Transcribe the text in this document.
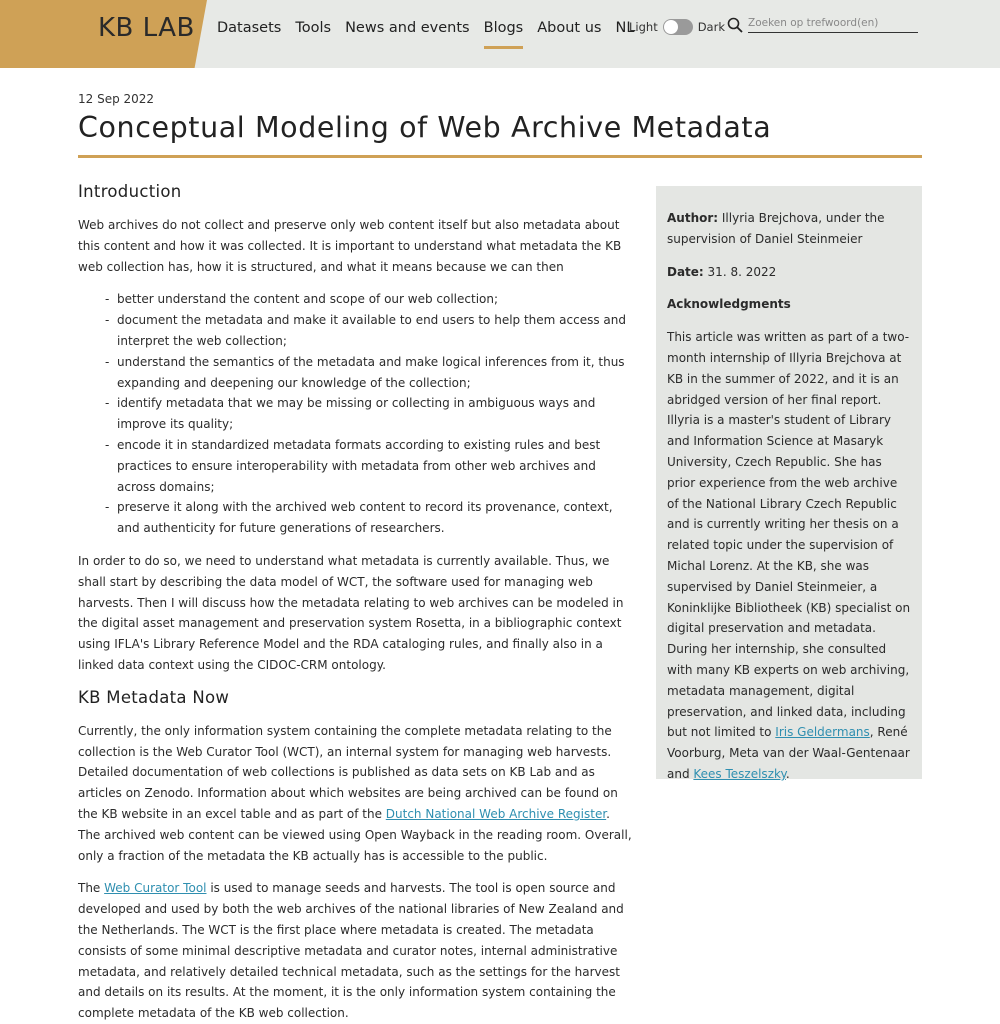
KB LAB Datasets Tools News and events Blogs About us NL
Light	Dark
Zoeken op trefwoord(en)
12 Sep 2022
Conceptual Modeling of Web Archive Metadata
Introduction

Web archives do not collect and preserve only web content itself but also metadata about this content and how it was collected. It is important to understand what metadata the KB web collection has, how it is structured, and what it means because we can then

- better understand the content and scope of our web collection;
- document the metadata and make it available to end users to help them access and interpret the web collection;
- understand the semantics of the metadata and make logical inferences from it, thus expanding and deepening our knowledge of the collection;
- identify metadata that we may be missing or collecting in ambiguous ways and improve its quality;
- encode it in standardized metadata formats according to existing rules and best practices to ensure interoperability with metadata from other web archives and across domains;
- preserve it along with the archived web content to record its provenance, context, and authenticity for future generations of researchers.

In order to do so, we need to understand what metadata is currently available. Thus, we shall start by describing the data model of WCT, the software used for managing web harvests. Then I will discuss how the metadata relating to web archives can be modeled in the digital asset management and preservation system Rosetta, in a bibliographic context using IFLA's Library Reference Model and the RDA cataloging rules, and finally also in a linked data context using the CIDOC-CRM ontology.

KB Metadata Now

Currently, the only information system containing the complete metadata relating to the collection is the Web Curator Tool (WCT), an internal system for managing web harvests. Detailed documentation of web collections is published as data sets on KB Lab and as articles on Zenodo. Information about which websites are being archived can be found on the KB website in an excel table and as part of the Dutch National Web Archive Register. The archived web content can be viewed using Open Wayback in the reading room. Overall, only a fraction of the metadata the KB actually has is accessible to the public.

The Web Curator Tool is used to manage seeds and harvests. The tool is open source and developed and used by both the web archives of the national libraries of New Zealand and the Netherlands. The WCT is the first place where metadata is created. The metadata consists of some minimal descriptive metadata and curator notes, internal administrative metadata, and relatively detailed technical metadata, such as the settings for the harvest and details on its results. At the moment, it is the only information system containing the complete metadata of the KB web collection.

Author: Illyria Brejchova, under the supervision of Daniel Steinmeier

Date: 31. 8. 2022

Acknowledgments

This article was written as part of a two-month internship of Illyria Brejchova at KB in the summer of 2022, and it is an abridged version of her final report. Illyria is a master's student of Library and Information Science at Masaryk University, Czech Republic. She has prior experience from the web archive of the National Library Czech Republic and is currently writing her thesis on a related topic under the supervision of Michal Lorenz. At the KB, she was supervised by Daniel Steinmeier, a Koninklijke Bibliotheek (KB) specialist on digital preservation and metadata. During her internship, she consulted with many KB experts on web archiving, metadata management, digital preservation, and linked data, including but not limited to Iris Geldermans, René Voorburg, Meta van der Waal-Gentenaar and Kees Teszelszky.
